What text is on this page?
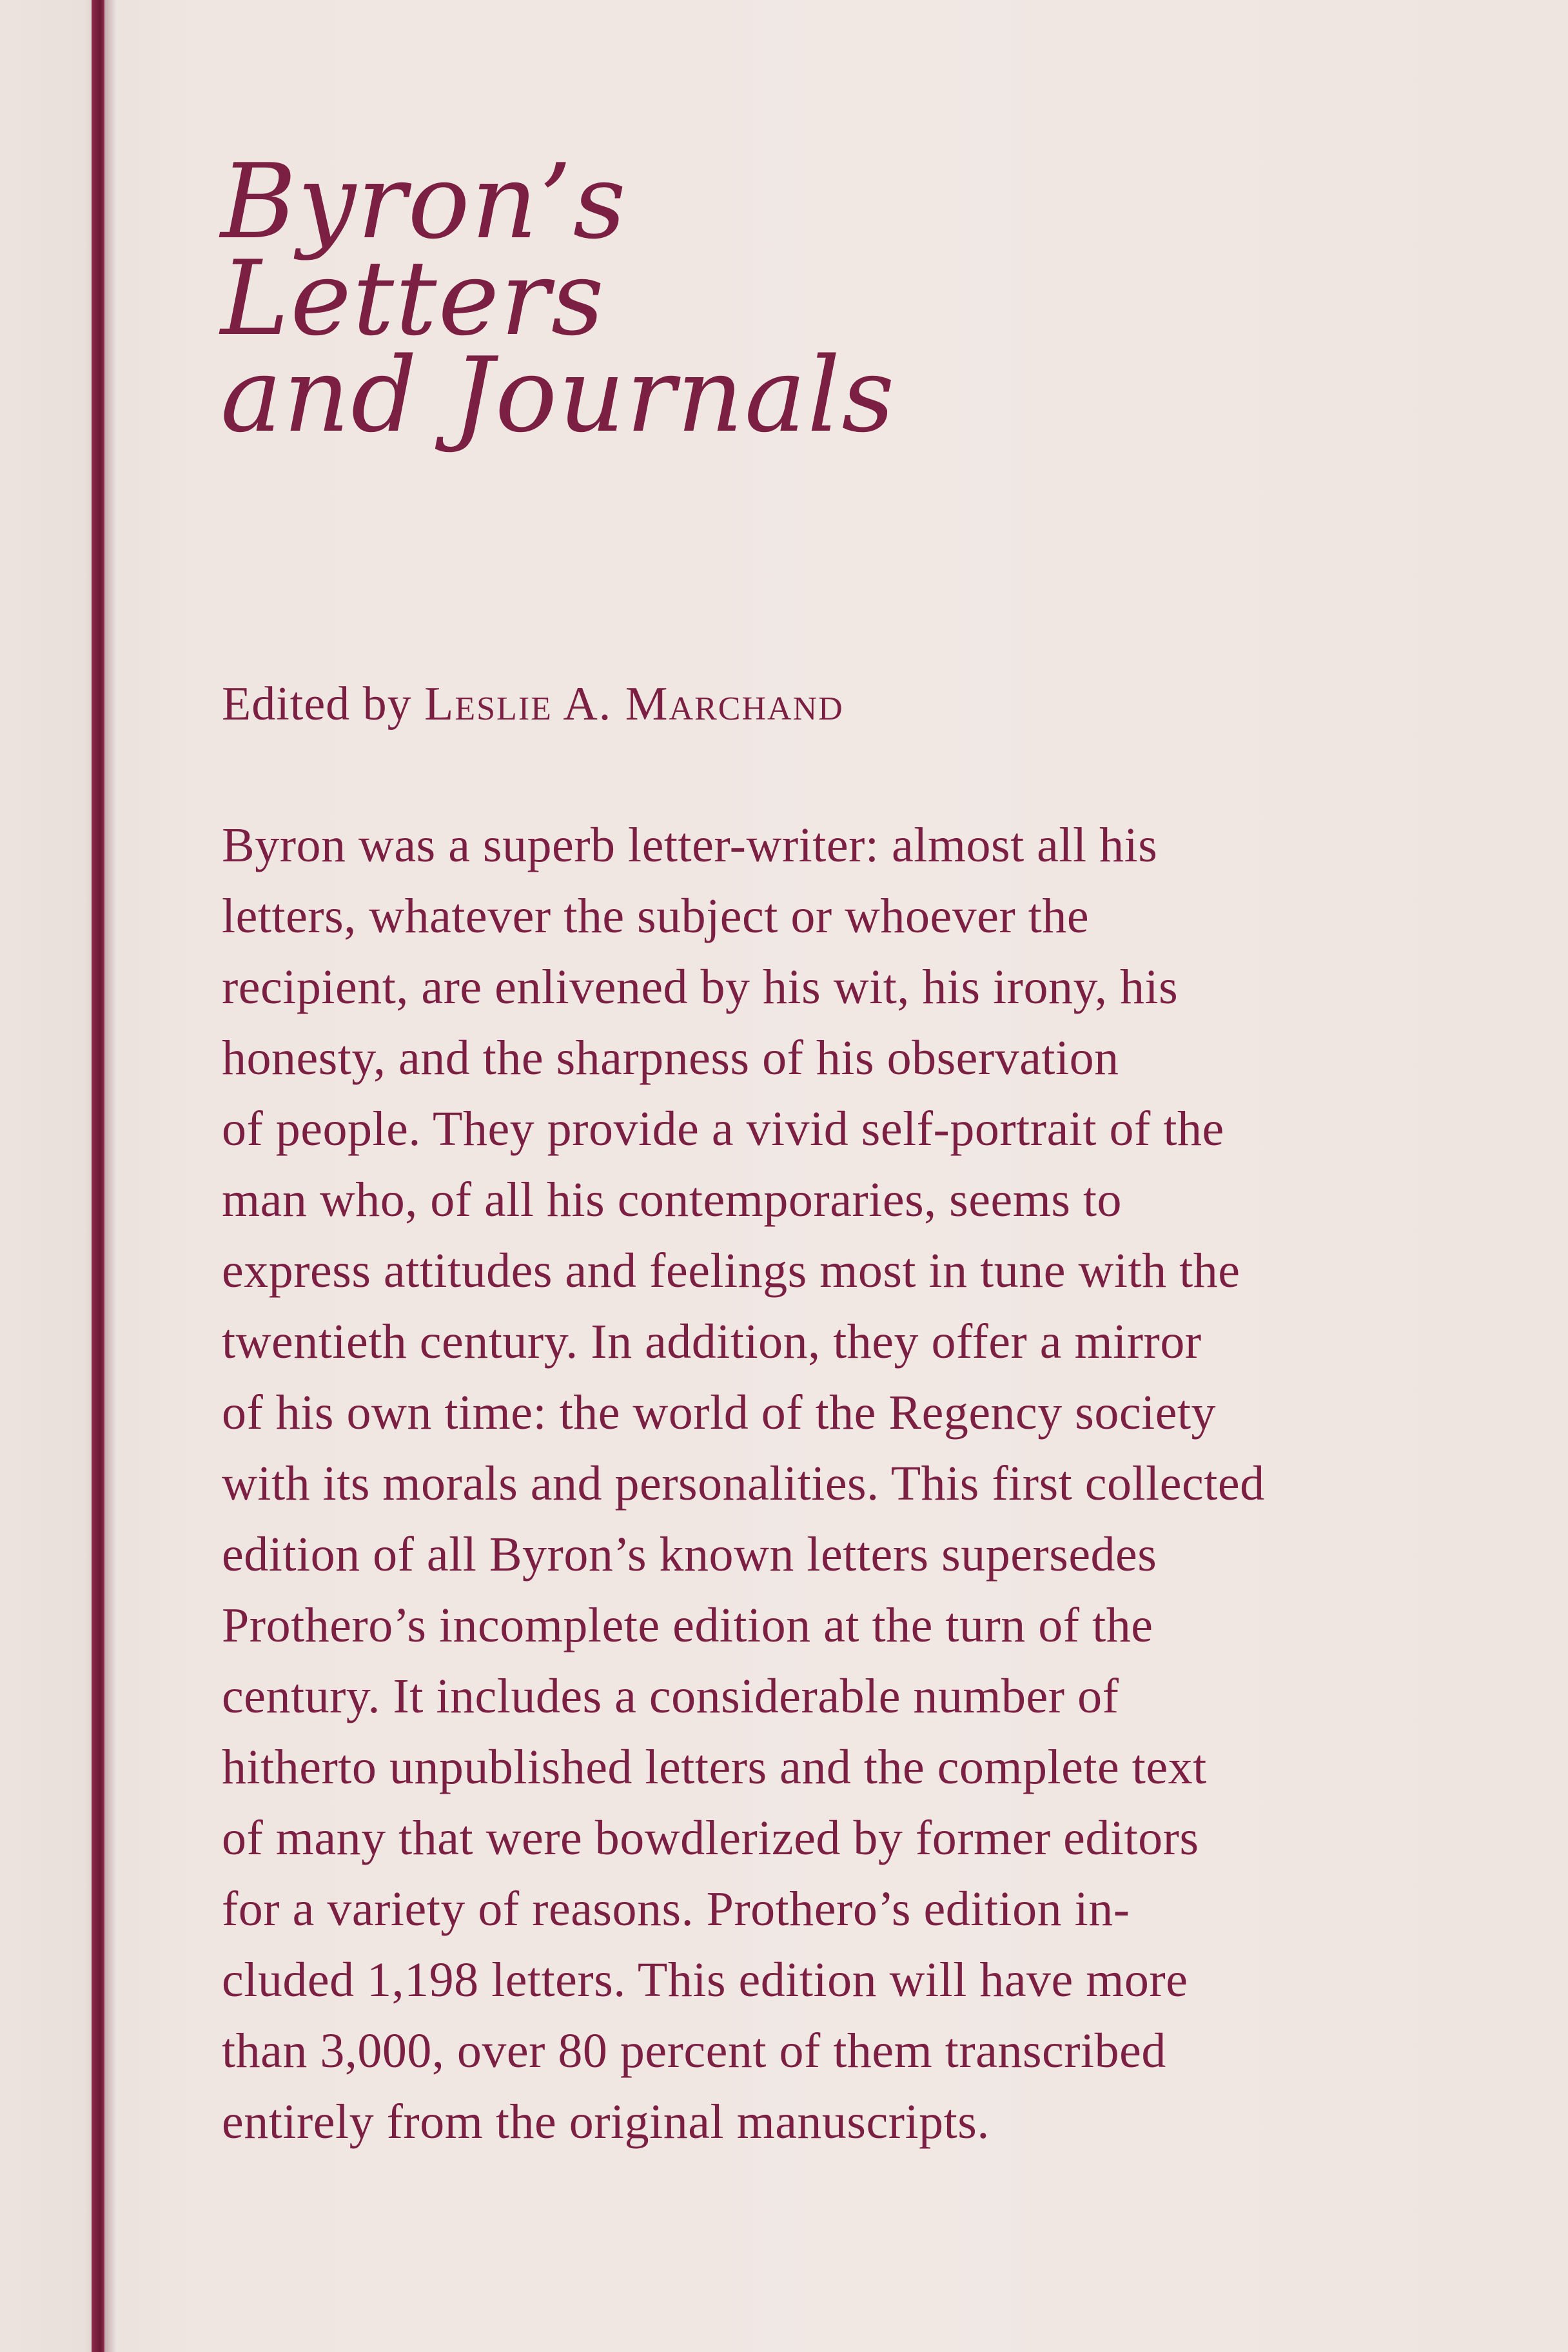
Byron’s
Letters
and Journals
Edited by Leslie A. Marchand
Byron was a superb letter-writer: almost all his
letters, whatever the subject or whoever the
recipient, are enlivened by his wit, his irony, his
honesty, and the sharpness of his observation
of people. They provide a vivid self-portrait of the
man who, of all his contemporaries, seems to
express attitudes and feelings most in tune with the
twentieth century. In addition, they offer a mirror
of his own time: the world of the Regency society
with its morals and personalities. This first collected
edition of all Byron’s known letters supersedes
Prothero’s incomplete edition at the turn of the
century. It includes a considerable number of
hitherto unpublished letters and the complete text
of many that were bowdlerized by former editors
for a variety of reasons. Prothero’s edition in-
cluded 1,198 letters. This edition will have more
than 3,000, over 80 percent of them transcribed
entirely from the original manuscripts.
